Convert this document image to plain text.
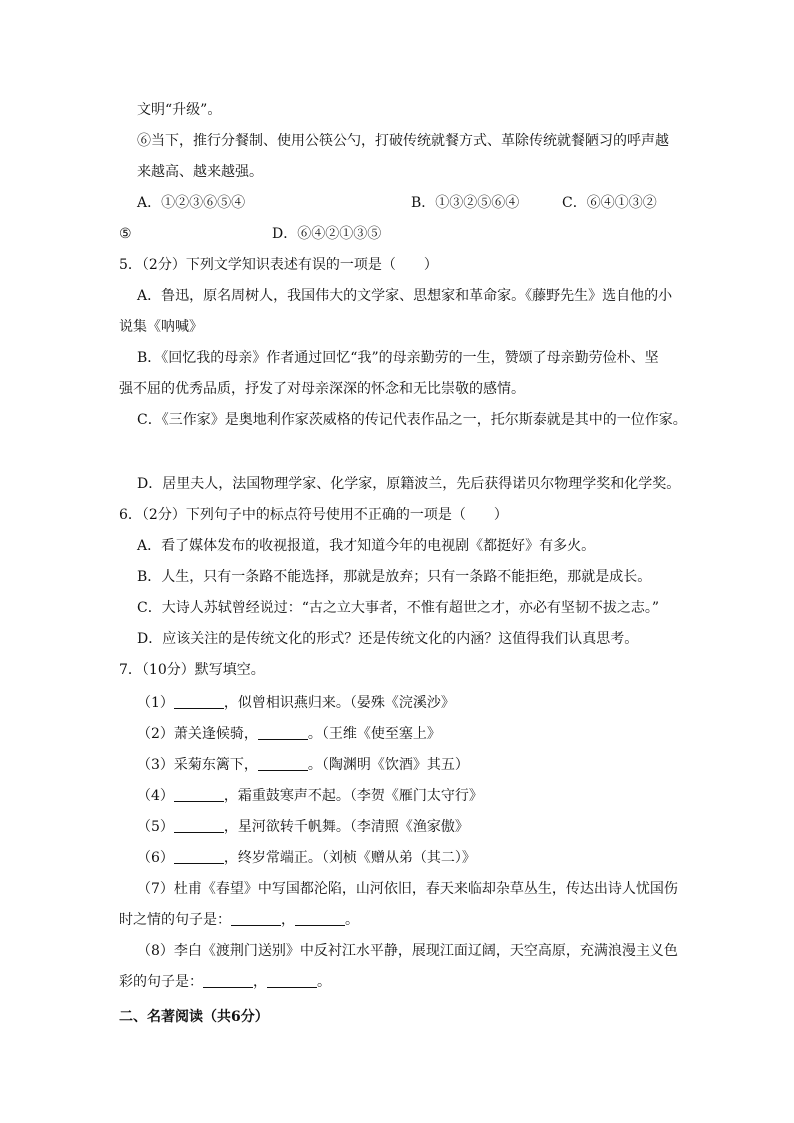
文明“升级”。
⑥当下，推行分餐制、使用公筷公勺，打破传统就餐方式、革除传统就餐陋习的呼声越
来越高、越来越强。
A．①②③⑥⑤④	B．①③②⑤⑥④	C．⑥④①③②
⑤	D．⑥④②①③⑤
5．（2分）下列文学知识表述有误的一项是（　　）
A．鲁迅，原名周树人，我国伟大的文学家、思想家和革命家。《藤野先生》选自他的小
说集《呐喊》
B．《回忆我的母亲》作者通过回忆“我”的母亲勤劳的一生，赞颂了母亲勤劳俭朴、坚
强不屈的优秀品质，抒发了对母亲深深的怀念和无比崇敬的感情。
C．《三作家》是奥地利作家茨威格的传记代表作品之一，托尔斯泰就是其中的一位作家。
D．居里夫人，法国物理学家、化学家，原籍波兰，先后获得诺贝尔物理学奖和化学奖。
6．（2分）下列句子中的标点符号使用不正确的一项是（　　）
A．看了媒体发布的收视报道，我才知道今年的电视剧《都挺好》有多火。
B．人生，只有一条路不能选择，那就是放弃；只有一条路不能拒绝，那就是成长。
C．大诗人苏轼曾经说过：“古之立大事者，不惟有超世之才，亦必有坚韧不拔之志。”
D．应该关注的是传统文化的形式？还是传统文化的内涵？这值得我们认真思考。
7．（10分）默写填空。
（1）	，似曾相识燕归来。（晏殊《浣溪沙》
（2）萧关逢候骑，	。（王维《使至塞上》
（3）采菊东篱下，	。（陶渊明《饮酒》其五）
（4）	，霜重鼓寒声不起。（李贺《雁门太守行》
（5）	，星河欲转千帆舞。（李清照《渔家傲》
（6）	，终岁常端正。（刘桢《赠从弟（其二）》
（7）杜甫《春望》中写国都沦陷，山河依旧，春天来临却杂草丛生，传达出诗人忧国伤
时之情的句子是：	，	。
（8）李白《渡荆门送别》中反衬江水平静，展现江面辽阔，天空高原，充满浪漫主义色
彩的句子是：	，	。
二、名著阅读（共6分）
